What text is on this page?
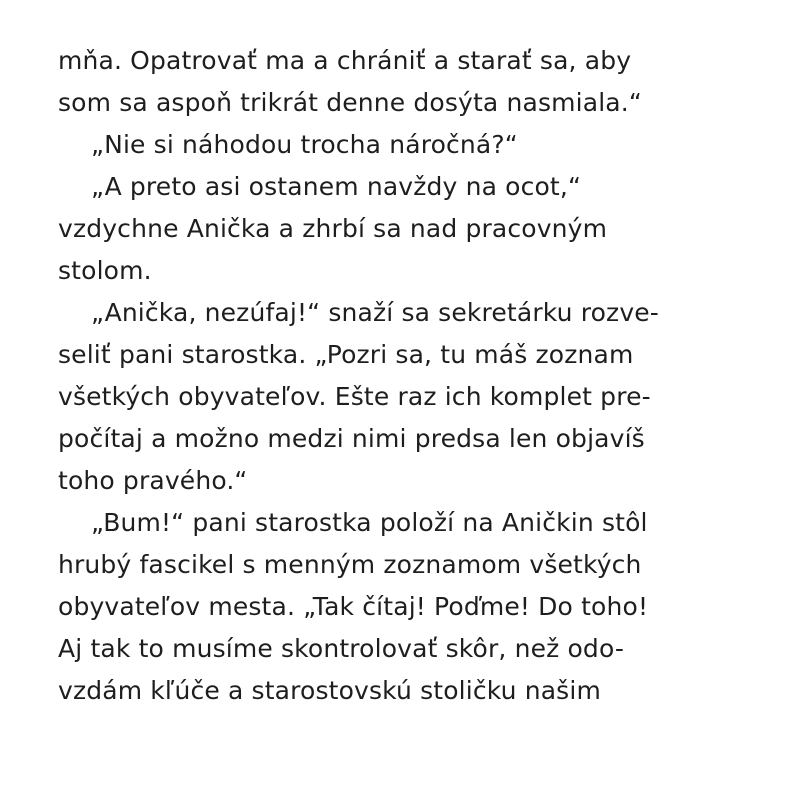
mňa. Opatrovať ma a chrániť a starať sa, aby
som sa aspoň trikrát denne dosýta nasmiala.“
„Nie si náhodou trocha náročná?“
„A preto asi ostanem navždy na ocot,“
vzdychne Anička a zhrbí sa nad pracovným
stolom.
„Anička, nezúfaj!“ snaží sa sekretárku rozve-
seliť pani starostka. „Pozri sa, tu máš zoznam
všetkých obyvateľov. Ešte raz ich komplet pre-
počítaj a možno medzi nimi predsa len objavíš
toho pravého.“
„Bum!“ pani starostka položí na Aničkin stôl
hrubý fascikel s menným zoznamom všetkých
obyvateľov mesta. „Tak čítaj! Poďme! Do toho!
Aj tak to musíme skontrolovať skôr, než odo-
vzdám kľúče a starostovskú stoličku našim
